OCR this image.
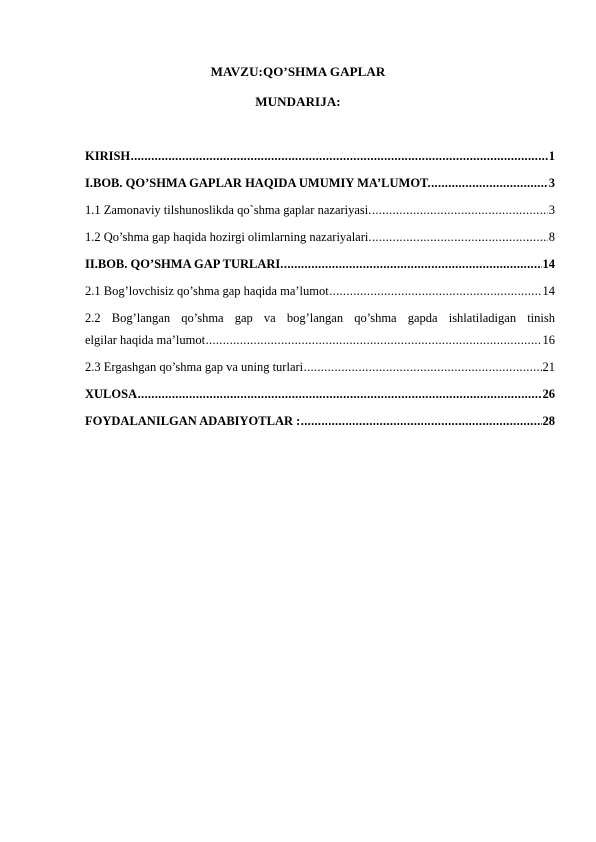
MAVZU:QO’SHMA GAPLAR
MUNDARIJA:
KIRISH .....	1
I.BOB. QO’SHMA GAPLAR HAQIDA UMUMIY MA’LUMOT. .....	3
1.1 Zamonaviy tilshunoslikda qo`shma gaplar nazariyasi. .....	3
1.2 Qo’shma gap haqida hozirgi olimlarning nazariyalari. .....	8
II.BOB. QO’SHMA GAP TURLARI. .....	14
2.1 Bog’lovchisiz qo’shma gap haqida ma’lumot .....	14
2.2 Bog’langan qo’shma gap va bog’langan qo’shma gapda ishlatiladigan tinish
elgilar haqida ma’lumot .....	16
2.3 Ergashgan qo’shma gap va uning turlari .....	21
XULOSA .....	26
FOYDALANILGAN ADABIYOTLAR : .....	28
